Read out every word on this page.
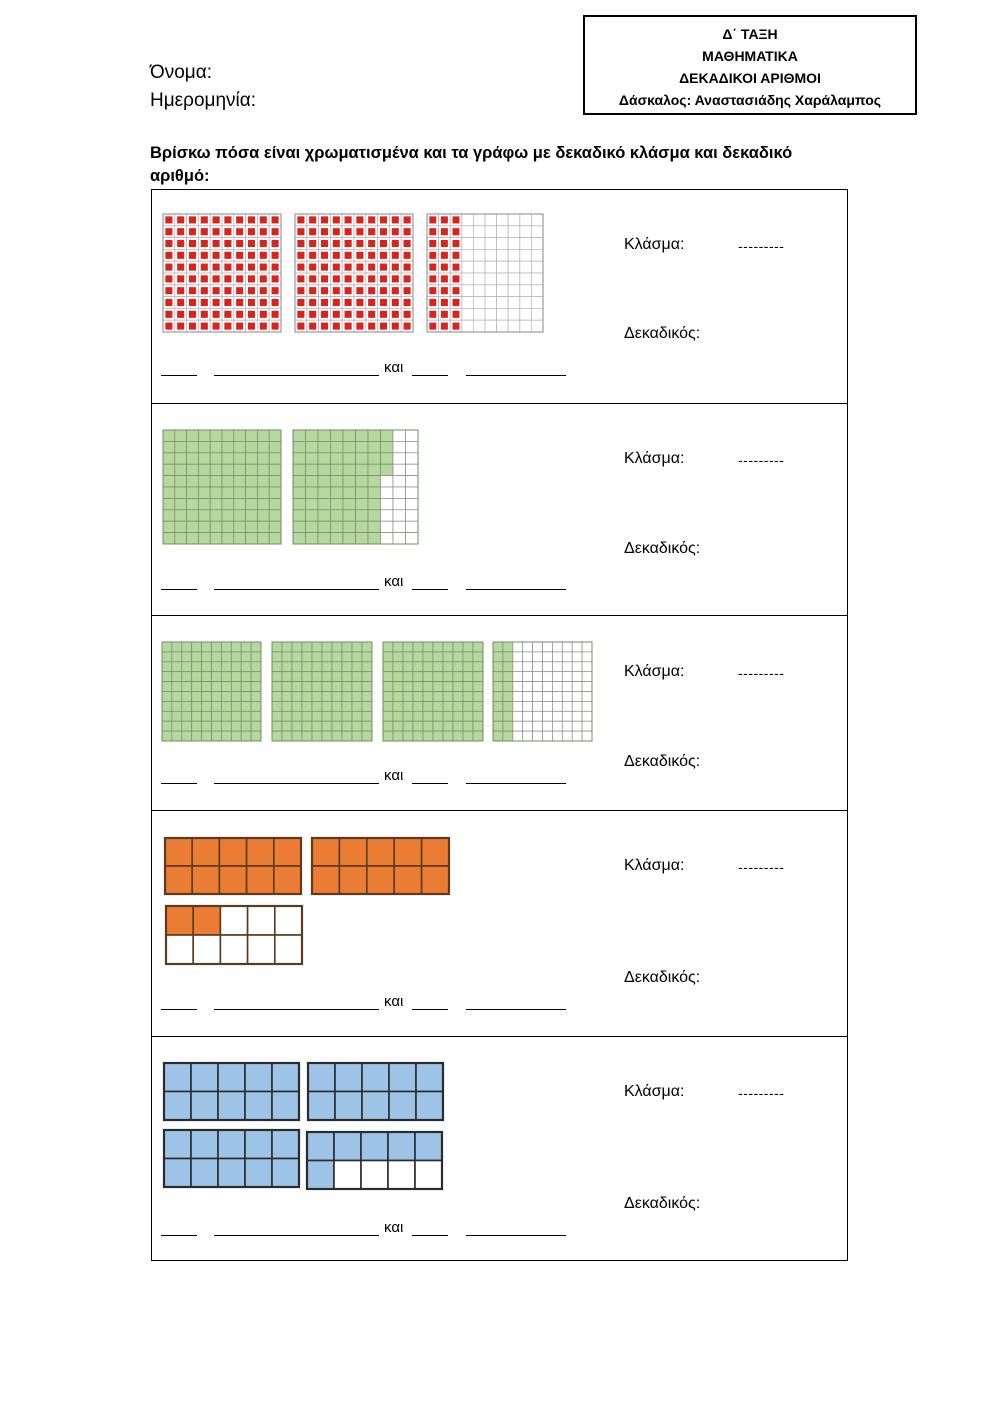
Όνομα:
Ημερομηνία:
Δ΄ ΤΑΞΗ
ΜΑΘΗΜΑΤΙΚΑ
ΔΕΚΑΔΙΚΟΙ ΑΡΙΘΜΟΙ
Δάσκαλος: Αναστασιάδης Χαράλαμπος
Βρίσκω πόσα είναι χρωματισμένα και τα γράφω με δεκαδικό κλάσμα και δεκαδικό αριθμό:
Κλάσμα:	---------
Δεκαδικός:
και
Κλάσμα:	---------
Δεκαδικός:
και
Κλάσμα:	---------
Δεκαδικός:
και
Κλάσμα:	---------
Δεκαδικός:
και
Κλάσμα:	---------
Δεκαδικός:
και
